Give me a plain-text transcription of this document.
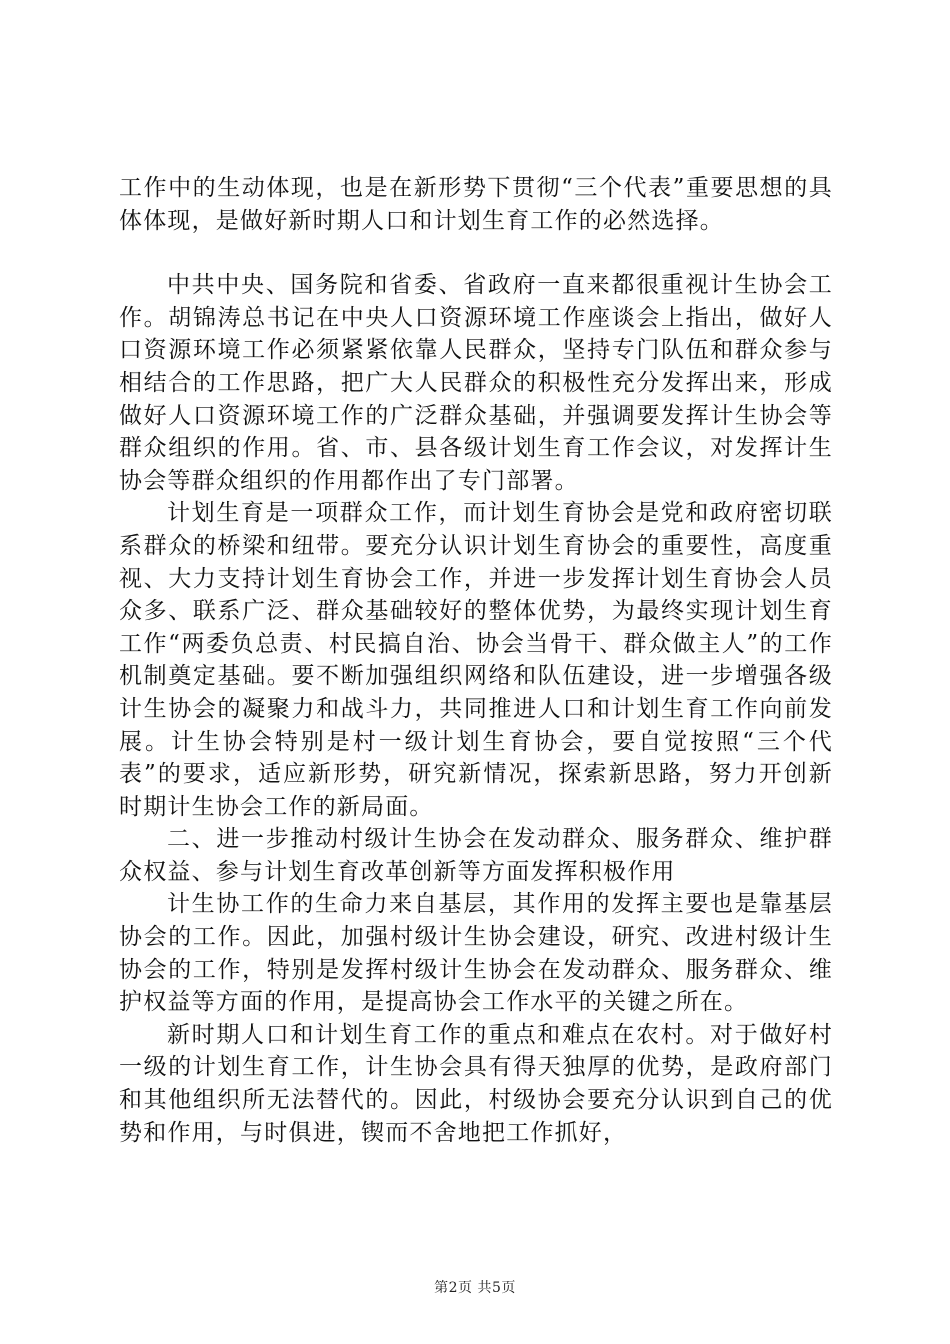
工作中的生动体现，也是在新形势下贯彻“三个代表”重要思想的具体体现，是做好新时期人口和计划生育工作的必然选择。

中共中央、国务院和省委、省政府一直来都很重视计生协会工作。胡锦涛总书记在中央人口资源环境工作座谈会上指出，做好人口资源环境工作必须紧紧依靠人民群众，坚持专门队伍和群众参与相结合的工作思路，把广大人民群众的积极性充分发挥出来，形成做好人口资源环境工作的广泛群众基础，并强调要发挥计生协会等群众组织的作用。省、市、县各级计划生育工作会议，对发挥计生协会等群众组织的作用都作出了专门部署。

计划生育是一项群众工作，而计划生育协会是党和政府密切联系群众的桥梁和纽带。要充分认识计划生育协会的重要性，高度重视、大力支持计划生育协会工作，并进一步发挥计划生育协会人员众多、联系广泛、群众基础较好的整体优势，为最终实现计划生育工作“两委负总责、村民搞自治、协会当骨干、群众做主人”的工作机制奠定基础。要不断加强组织网络和队伍建设，进一步增强各级计生协会的凝聚力和战斗力，共同推进人口和计划生育工作向前发展。计生协会特别是村一级计划生育协会，要自觉按照“三个代表”的要求，适应新形势，研究新情况，探索新思路，努力开创新时期计生协会工作的新局面。

二、进一步推动村级计生协会在发动群众、服务群众、维护群众权益、参与计划生育改革创新等方面发挥积极作用

计生协工作的生命力来自基层，其作用的发挥主要也是靠基层协会的工作。因此，加强村级计生协会建设，研究、改进村级计生协会的工作，特别是发挥村级计生协会在发动群众、服务群众、维护权益等方面的作用，是提高协会工作水平的关键之所在。

新时期人口和计划生育工作的重点和难点在农村。对于做好村一级的计划生育工作，计生协会具有得天独厚的优势，是政府部门和其他组织所无法替代的。因此，村级协会要充分认识到自己的优势和作用，与时俱进，锲而不舍地把工作抓好，

第2页 共5页
